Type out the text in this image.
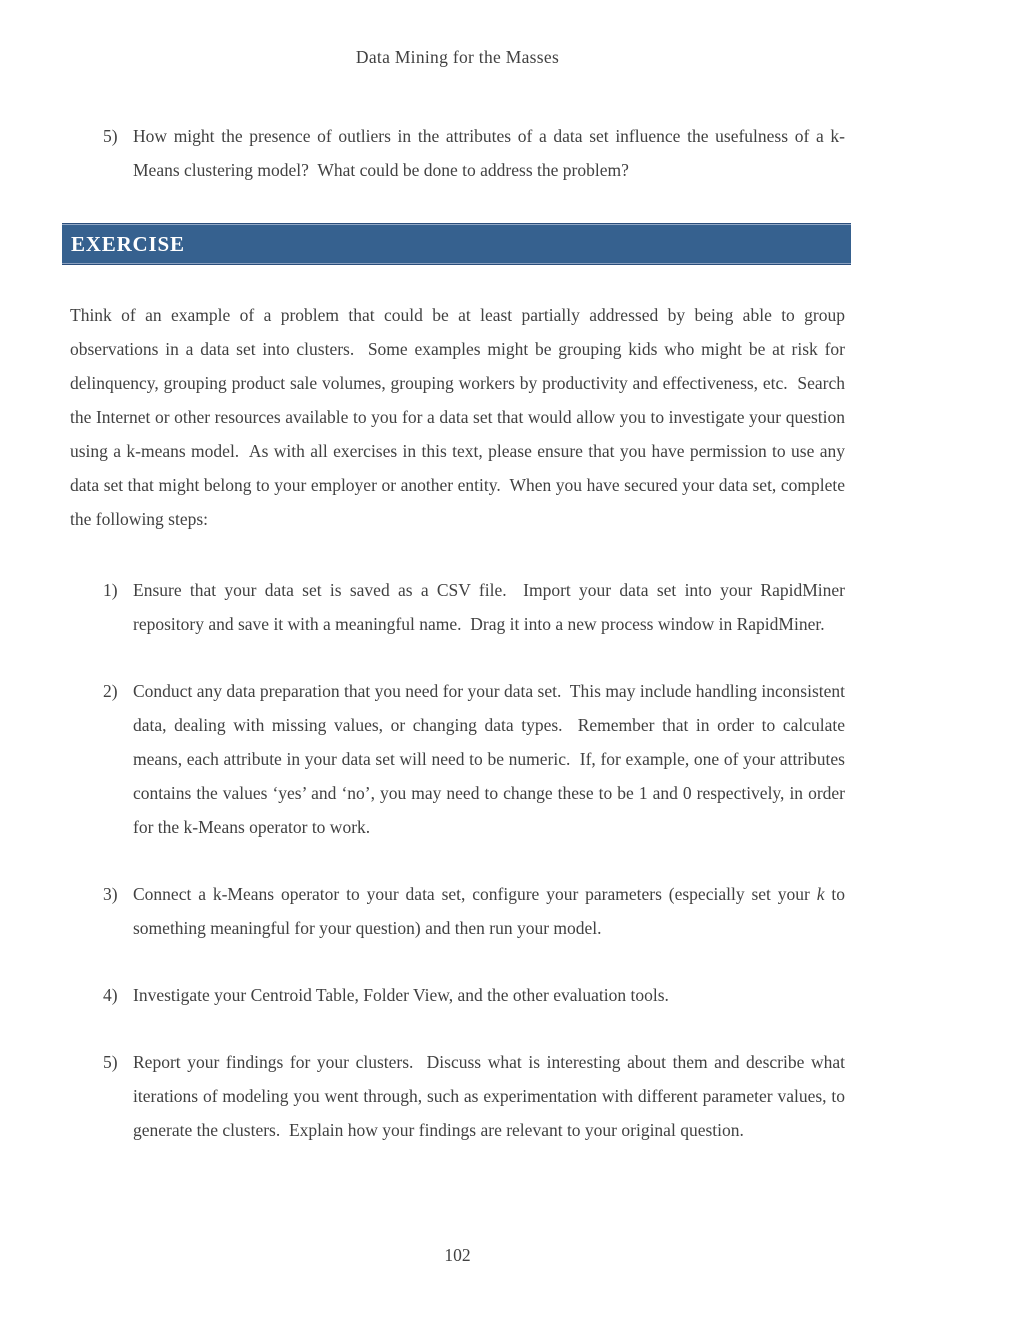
Data Mining for the Masses
5) How might the presence of outliers in the attributes of a data set influence the usefulness of a k-Means clustering model?  What could be done to address the problem?
EXERCISE
Think of an example of a problem that could be at least partially addressed by being able to group observations in a data set into clusters.  Some examples might be grouping kids who might be at risk for delinquency, grouping product sale volumes, grouping workers by productivity and effectiveness, etc.  Search the Internet or other resources available to you for a data set that would allow you to investigate your question using a k-means model.  As with all exercises in this text, please ensure that you have permission to use any data set that might belong to your employer or another entity.  When you have secured your data set, complete the following steps:
1) Ensure that your data set is saved as a CSV file.  Import your data set into your RapidMiner repository and save it with a meaningful name.  Drag it into a new process window in RapidMiner.
2) Conduct any data preparation that you need for your data set.  This may include handling inconsistent data, dealing with missing values, or changing data types.  Remember that in order to calculate means, each attribute in your data set will need to be numeric.  If, for example, one of your attributes contains the values ‘yes’ and ‘no’, you may need to change these to be 1 and 0 respectively, in order for the k-Means operator to work.
3) Connect a k-Means operator to your data set, configure your parameters (especially set your k to something meaningful for your question) and then run your model.
4) Investigate your Centroid Table, Folder View, and the other evaluation tools.
5) Report your findings for your clusters.  Discuss what is interesting about them and describe what iterations of modeling you went through, such as experimentation with different parameter values, to generate the clusters.  Explain how your findings are relevant to your original question.
102
